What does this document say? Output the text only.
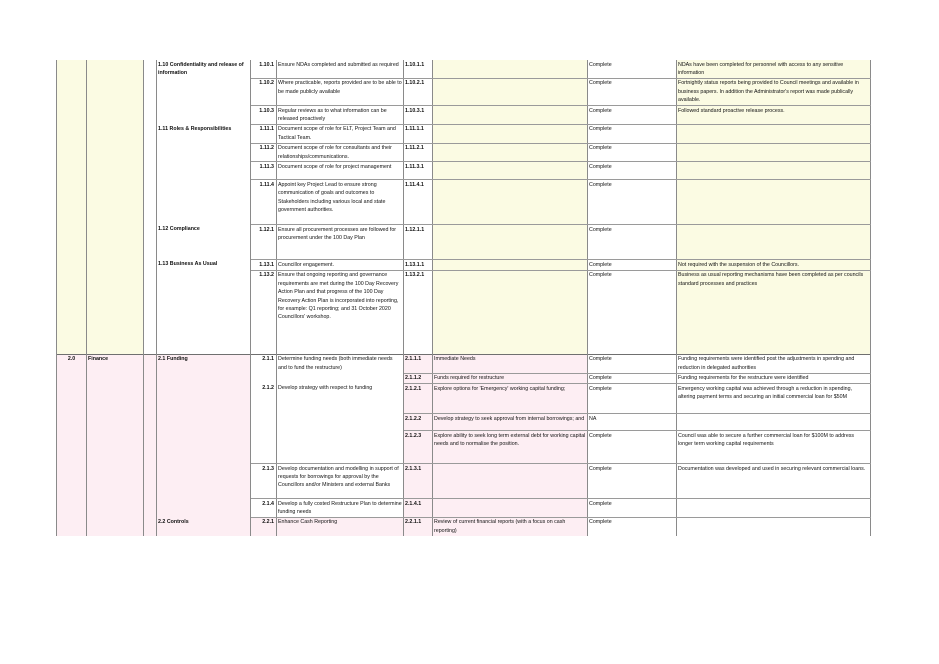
			1.10 Confidentiality and release of information	1.10.1	Ensure NDAs completed and submitted as required	1.10.1.1		Complete	NDAs have been completed for personnel with access to any sensitive information
				1.10.2	Where practicable, reports provided are to be able to be made publicly available	1.10.2.1		Complete	Fortnightly status reports being provided to Council meetings and available in business papers. In addition the Administrator's report was made publically available.
				1.10.3	Regular reviews as to what information can be released proactively	1.10.3.1		Complete	Followed standard proactive release process.
			1.11 Roles & Responsibilities	1.11.1	Document scope of role for ELT, Project Team and Tactical Team.	1.11.1.1		Complete	
				1.11.2	Document scope of role for consultants and their relationships/communications.	1.11.2.1		Complete	
				1.11.3	Document scope of role for project management	1.11.3.1		Complete	
				1.11.4	Appoint key Project Lead to ensure strong communication of goals and outcomes to Stakeholders including various local and state government authorities.	1.11.4.1		Complete	
			1.12 Compliance	1.12.1	Ensure all procurement processes are followed for procurement under the 100 Day Plan	1.12.1.1		Complete	
			1.13 Business As Usual	1.13.1	Councillor engagement.	1.13.1.1		Complete	Not required with the suspension of the Councillors.
				1.13.2	Ensure that ongoing reporting and governance requirements are met during the 100 Day Recovery Action Plan and that progress of the 100 Day Recovery Action Plan is incorporated into reporting, for example: Q1 reporting; and 31 October 2020 Councillors' workshop.	1.13.2.1		Complete	Business as usual reporting mechanisms have been completed as per councils standard processes and practices

2.0	Finance		2.1 Funding	2.1.1	Determine funding needs (both immediate needs and to fund the restructure)	2.1.1.1	Immediate Needs	Complete	Funding requirements were identified post the adjustments in spending and reduction in delegated authorities
						2.1.1.2	Funds required for restructure	Complete	Funding requirements for the restructure were identified
				2.1.2	Develop strategy with respect to funding	2.1.2.1	Explore options for 'Emergency' working capital funding;	Complete	Emergency working capital was achieved through a reduction in spending, altering payment terms and securing an initial commercial loan for $50M
						2.1.2.2	Develop strategy to seek approval from internal borrowings; and	NA	
						2.1.2.3	Explore ability to seek long term external debt for working capital needs and to normalise the position.	Complete	Council was able to secure a further commercial loan for $100M to address longer term working capital requirements
				2.1.3	Develop documentation and modelling in support of requests for borrowings for approval by the Councillors and/or Ministers and external Banks	2.1.3.1		Complete	Documentation was developed and used in securing relevant commercial loans.
				2.1.4	Develop a fully costed Restructure Plan to determine funding needs	2.1.4.1		Complete	
			2.2 Controls	2.2.1	Enhance Cash Reporting	2.2.1.1	Review of current financial reports (with a focus on cash reporting)	Complete	
